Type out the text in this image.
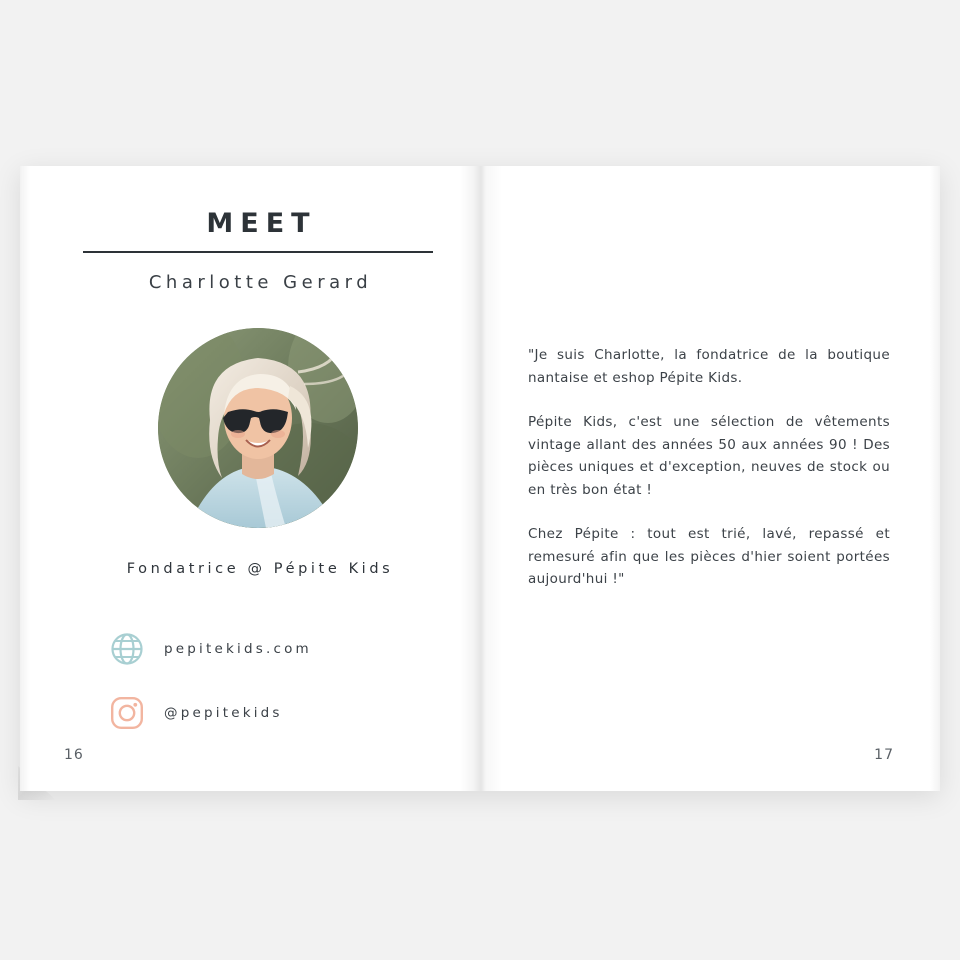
MEET
Charlotte Gerard
Fondatrice @ Pépite Kids
pepitekids.com
@pepitekids
16

"Je suis Charlotte, la fondatrice de la boutique nantaise et eshop Pépite Kids.

Pépite Kids, c'est une sélection de vêtements vintage allant des années 50 aux années 90 ! Des pièces uniques et d'exception, neuves de stock ou en très bon état !

Chez Pépite : tout est trié, lavé, repassé et remesuré afin que les pièces d'hier soient portées aujourd'hui !"

17
